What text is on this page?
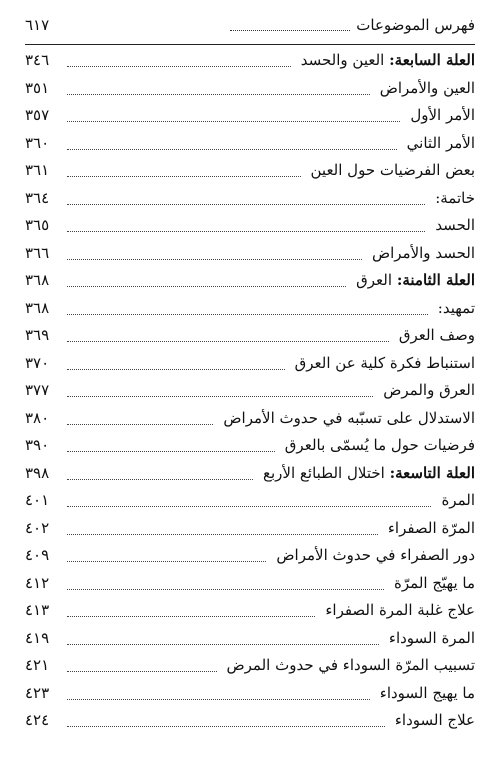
فهرس الموضوعات
٦١٧
العلة السابعة: العين والحسد
٣٤٦
العين والأمراض
٣٥١
الأمر الأول
٣٥٧
الأمر الثاني
٣٦٠
بعض الفرضيات حول العين
٣٦١
خاتمة:
٣٦٤
الحسد
٣٦٥
الحسد والأمراض
٣٦٦
العلة الثامنة: العرق
٣٦٨
تمهيد:
٣٦٨
وصف العرق
٣٦٩
استنباط فكرة كلية عن العرق
٣٧٠
العرق والمرض
٣٧٧
الاستدلال على تسبّبه في حدوث الأمراض
٣٨٠
فرضيات حول ما يُسمّى بالعرق
٣٩٠
العلة التاسعة: اختلال الطبائع الأربع
٣٩٨
المرة
٤٠١
المرّة الصفراء
٤٠٢
دور الصفراء في حدوث الأمراض
٤٠٩
ما يهيّج المرّة
٤١٢
علاج غلبة المرة الصفراء
٤١٣
المرة السوداء
٤١٩
تسبيب المرّة السوداء في حدوث المرض
٤٢١
ما يهيج السوداء
٤٢٣
علاج السوداء
٤٢٤
